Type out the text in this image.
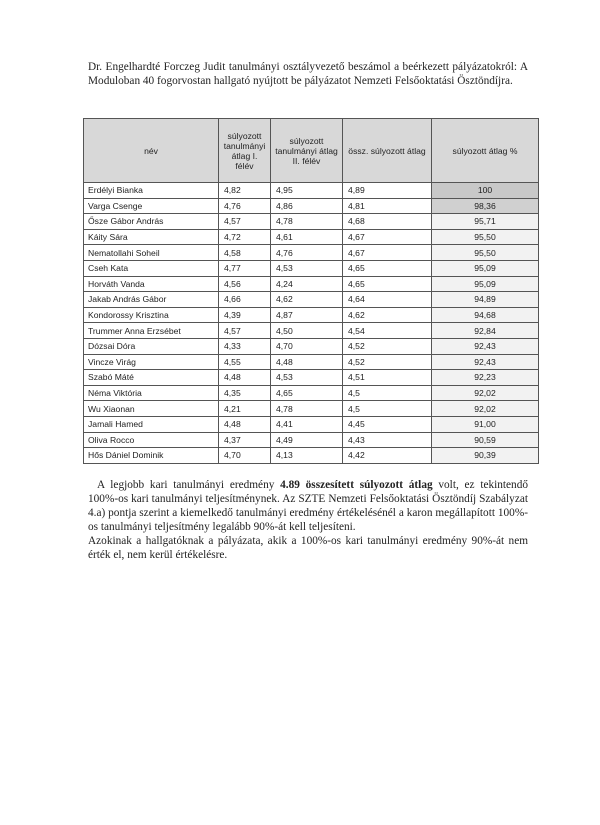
Dr. Engelhardté Forczeg Judit tanulmányi osztályvezető beszámol a beérkezett pályázatokról: A Moduloban 40 fogorvostan hallgató nyújtott be pályázatot Nemzeti Felsőoktatási Ösztöndíjra.
név	súlyozott tanulmányi átlag I. félév	súlyozott tanulmányi átlag II. félév	össz. súlyozott átlag	súlyozott átlag %
Erdélyi Bianka	4,82	4,95	4,89	100
Varga Csenge	4,76	4,86	4,81	98,36
Ősze Gábor András	4,57	4,78	4,68	95,71
Káity Sára	4,72	4,61	4,67	95,50
Nematollahi Soheil	4,58	4,76	4,67	95,50
Cseh Kata	4,77	4,53	4,65	95,09
Horváth Vanda	4,56	4,24	4,65	95,09
Jakab András Gábor	4,66	4,62	4,64	94,89
Kondorossy Krisztina	4,39	4,87	4,62	94,68
Trummer Anna Erzsébet	4,57	4,50	4,54	92,84
Dózsai Dóra	4,33	4,70	4,52	92,43
Vincze Virág	4,55	4,48	4,52	92,43
Szabó Máté	4,48	4,53	4,51	92,23
Néma Viktória	4,35	4,65	4,5	92,02
Wu Xiaonan	4,21	4,78	4,5	92,02
Jamali Hamed	4,48	4,41	4,45	91,00
Oliva Rocco	4,37	4,49	4,43	90,59
Hős Dániel Dominik	4,70	4,13	4,42	90,39

A legjobb kari tanulmányi eredmény 4.89 összesített súlyozott átlag volt, ez tekintendő 100%-os kari tanulmányi teljesítménynek. Az SZTE Nemzeti Felsőoktatási Ösztöndíj Szabályzat 4.a) pontja szerint a kiemelkedő tanulmányi eredmény értékelésénél a karon megállapított 100%-os tanulmányi teljesítmény legalább 90%-át kell teljesíteni.

Azokinak a hallgatóknak a pályázata, akik a 100%-os kari tanulmányi eredmény 90%-át nem érték el, nem kerül értékelésre.
